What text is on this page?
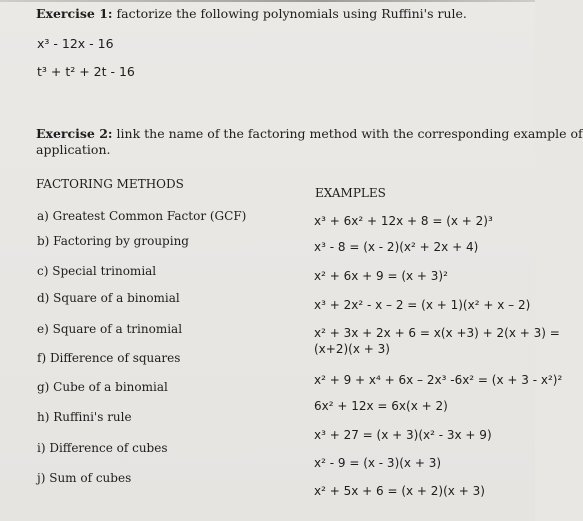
Exercise 1: factorize the following polynomials using Ruffini's rule.
x³ - 12x - 16
t³ + t² + 2t - 16
Exercise 2: link the name of the factoring method with the corresponding example of
application.
FACTORING METHODS
EXAMPLES
a) Greatest Common Factor (GCF)
b) Factoring by grouping
c) Special trinomial
d) Square of a binomial
e) Square of a trinomial
f) Difference of squares
g) Cube of a binomial
h) Ruffini's rule
i) Difference of cubes
j) Sum of cubes
x³ + 6x² + 12x + 8 = (x + 2)³
x³ - 8 = (x - 2)(x² + 2x + 4)
x² + 6x + 9 = (x + 3)²
x³ + 2x² - x – 2 = (x + 1)(x² + x – 2)
x² + 3x + 2x + 6 = x(x +3) + 2(x + 3) =
(x+2)(x + 3)
x² + 9 + x⁴ + 6x – 2x³ -6x² = (x + 3 - x²)²
6x² + 12x = 6x(x + 2)
x³ + 27 = (x + 3)(x² - 3x + 9)
x² - 9 = (x - 3)(x + 3)
x² + 5x + 6 = (x + 2)(x + 3)
